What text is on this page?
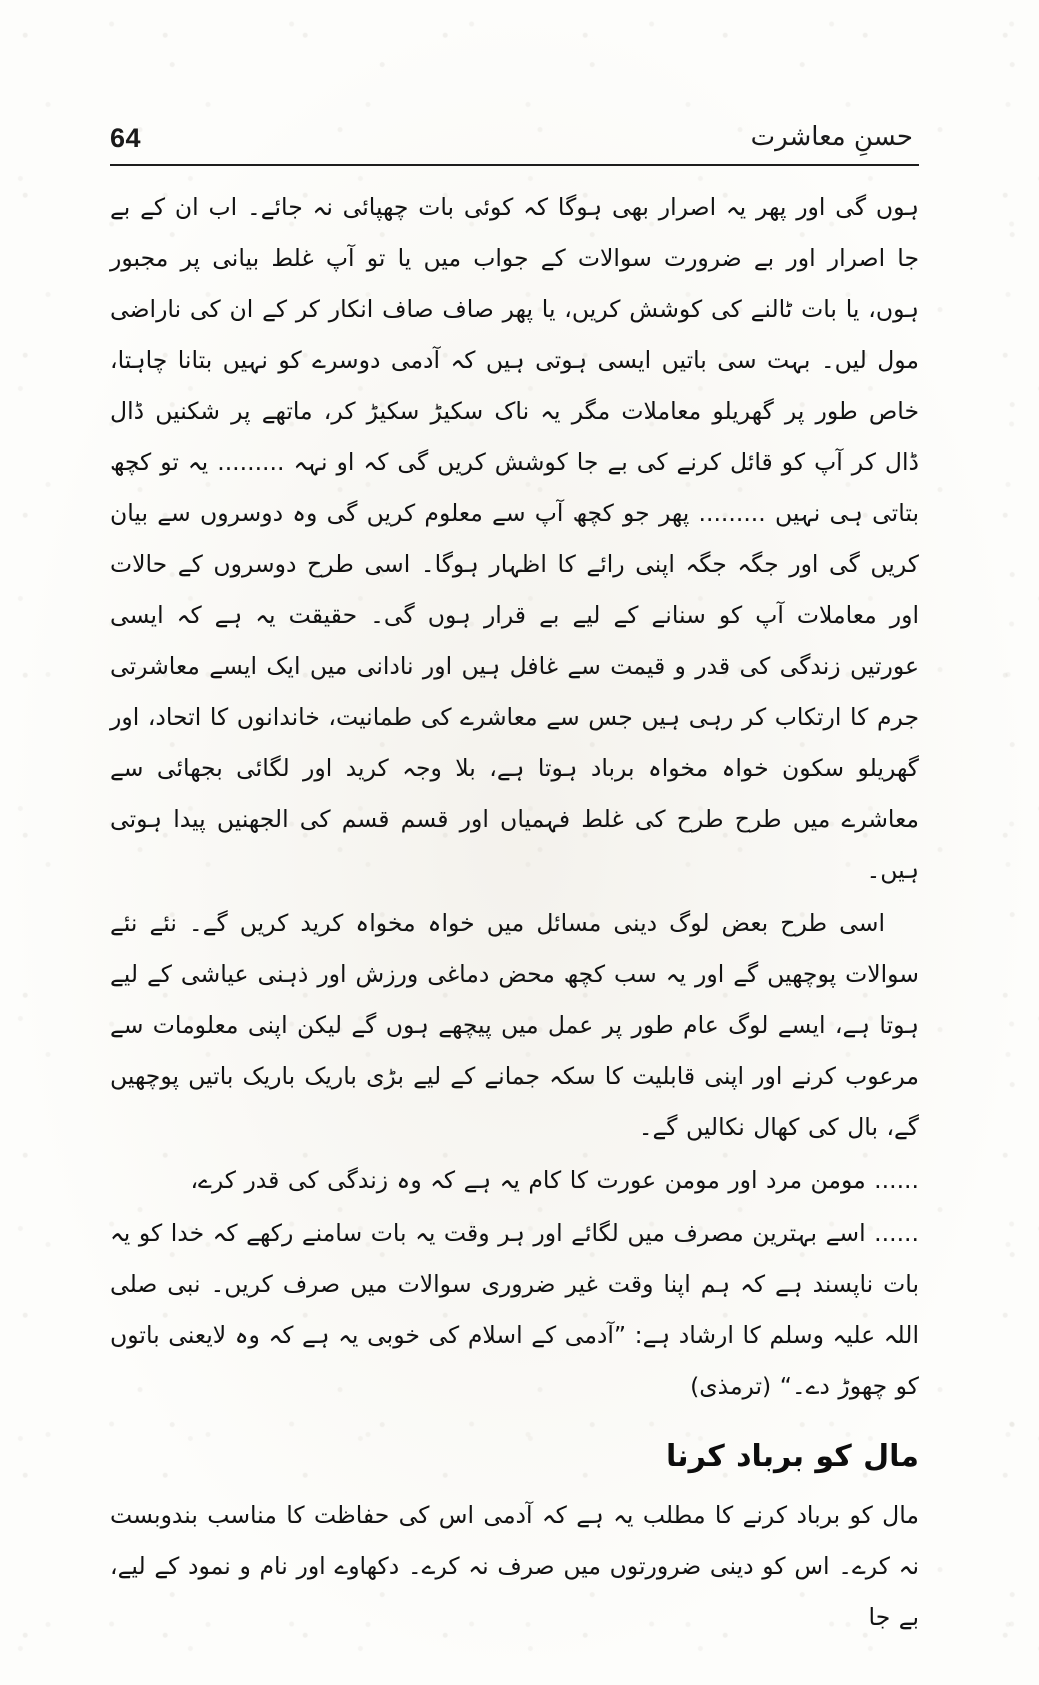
64	حسنِ معاشرت

ہوں گی اور پھر یہ اصرار بھی ہوگا کہ کوئی بات چھپائی نہ جائے۔ اب ان کے بے جا اصرار اور بے ضرورت سوالات کے جواب میں یا تو آپ غلط بیانی پر مجبور ہوں، یا بات ٹالنے کی کوشش کریں، یا پھر صاف صاف انکار کر کے ان کی ناراضی مول لیں۔ بہت سی باتیں ایسی ہوتی ہیں کہ آدمی دوسرے کو نہیں بتانا چاہتا، خاص طور پر گھریلو معاملات مگر یہ ناک سکیڑ سکیڑ کر، ماتھے پر شکنیں ڈال ڈال کر آپ کو قائل کرنے کی بے جا کوشش کریں گی کہ او نہہ ......... یہ تو کچھ بتاتی ہی نہیں ......... پھر جو کچھ آپ سے معلوم کریں گی وہ دوسروں سے بیان کریں گی اور جگہ جگہ اپنی رائے کا اظہار ہوگا۔ اسی طرح دوسروں کے حالات اور معاملات آپ کو سنانے کے لیے بے قرار ہوں گی۔ حقیقت یہ ہے کہ ایسی عورتیں زندگی کی قدر و قیمت سے غافل ہیں اور نادانی میں ایک ایسے معاشرتی جرم کا ارتکاب کر رہی ہیں جس سے معاشرے کی طمانیت، خاندانوں کا اتحاد، اور گھریلو سکون خواہ مخواہ برباد ہوتا ہے، بلا وجہ کرید اور لگائی بجھائی سے معاشرے میں طرح طرح کی غلط فہمیاں اور قسم قسم کی الجھنیں پیدا ہوتی ہیں۔

اسی طرح بعض لوگ دینی مسائل میں خواہ مخواہ کرید کریں گے۔ نئے نئے سوالات پوچھیں گے اور یہ سب کچھ محض دماغی ورزش اور ذہنی عیاشی کے لیے ہوتا ہے، ایسے لوگ عام طور پر عمل میں پیچھے ہوں گے لیکن اپنی معلومات سے مرعوب کرنے اور اپنی قابلیت کا سکہ جمانے کے لیے بڑی باریک باریک باتیں پوچھیں گے، بال کی کھال نکالیں گے۔

...... مومن مرد اور مومن عورت کا کام یہ ہے کہ وہ زندگی کی قدر کرے،

...... اسے بہترین مصرف میں لگائے اور ہر وقت یہ بات سامنے رکھے کہ خدا کو یہ بات ناپسند ہے کہ ہم اپنا وقت غیر ضروری سوالات میں صرف کریں۔ نبی صلی اللہ علیہ وسلم کا ارشاد ہے: ”آدمی کے اسلام کی خوبی یہ ہے کہ وہ لایعنی باتوں کو چھوڑ دے۔“ (ترمذی)

مال کو برباد کرنا

مال کو برباد کرنے کا مطلب یہ ہے کہ آدمی اس کی حفاظت کا مناسب بندوبست نہ کرے۔ اس کو دینی ضرورتوں میں صرف نہ کرے۔ دکھاوے اور نام و نمود کے لیے، بے جا
